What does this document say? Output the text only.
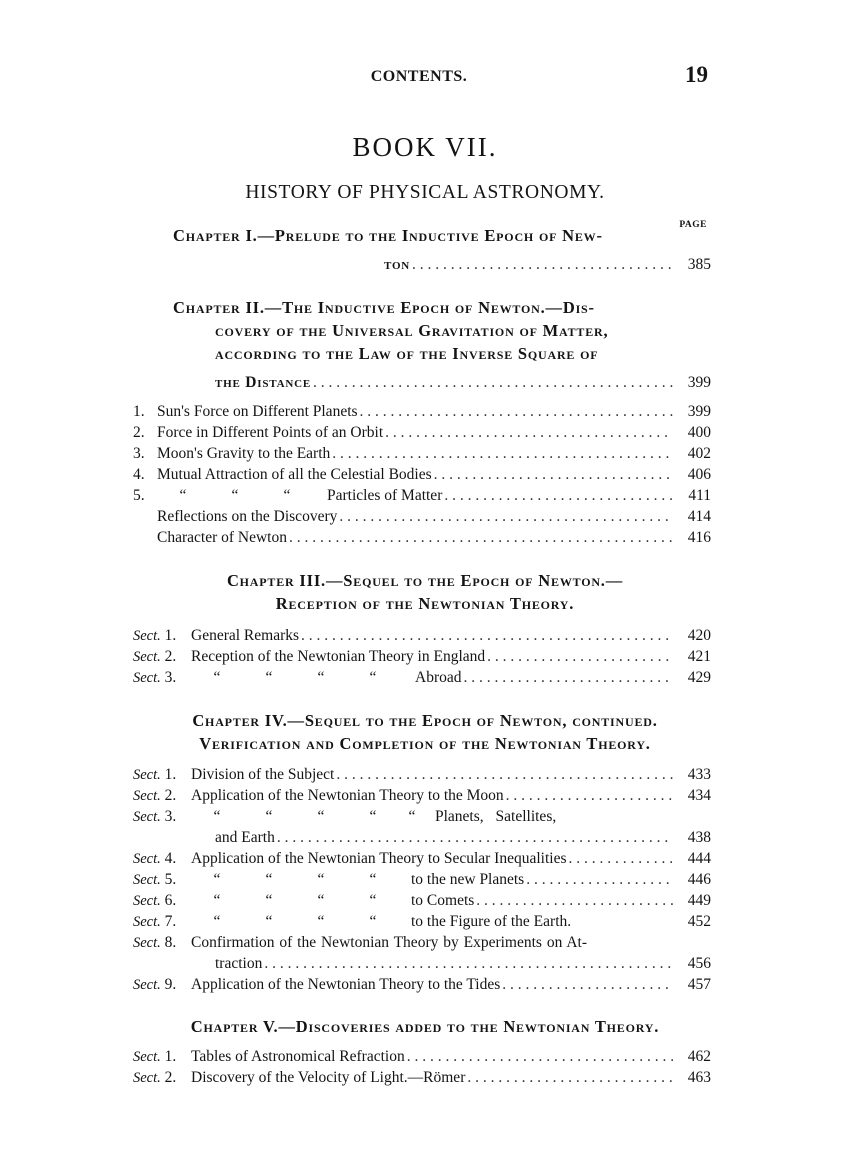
CONTENTS.	19
BOOK VII.
HISTORY OF PHYSICAL ASTRONOMY.
PAGE
Chapter I.—Prelude to the Inductive Epoch of New-
ton . . .	385
Chapter II.—The Inductive Epoch of Newton.—Dis-
covery of the Universal Gravitation of Matter,
according to the Law of the Inverse Square of
the Distance . . .	399
1. Sun's Force on Different Planets . . .	399
2. Force in Different Points of an Orbit . . .	400
3. Moon's Gravity to the Earth . . .	402
4. Mutual Attraction of all the Celestial Bodies . . .	406
5.	“	“	“	Particles of Matter . . .	411
Reflections on the Discovery . . .	414
Character of Newton . . .	416
Chapter III.—Sequel to the Epoch of Newton.—
Reception of the Newtonian Theory.
Sect. 1. General Remarks . . .	420
Sect. 2. Reception of the Newtonian Theory in England . . .	421
Sect. 3.	“	“	“	“	Abroad . . .	429
Chapter IV.—Sequel to the Epoch of Newton, continued.
Verification and Completion of the Newtonian Theory.
Sect. 1. Division of the Subject . . .	433
Sect. 2. Application of the Newtonian Theory to the Moon . . .	434
Sect. 3.	“	“	“	“ “	Planets, Satellites,
and Earth . . .	438
Sect. 4. Application of the Newtonian Theory to Secular Inequalities . . .	444
Sect. 5.	“	“	“	“	to the new Planets . . .	446
Sect. 6.	“	“	“	“	to Comets . . .	449
Sect. 7.	“	“	“	“	to the Figure of the Earth.	452
Sect. 8. Confirmation of the Newtonian Theory by Experiments on At-
traction . . .	456
Sect. 9. Application of the Newtonian Theory to the Tides . . .	457
Chapter V.—Discoveries added to the Newtonian Theory.
Sect. 1. Tables of Astronomical Refraction . . .	462
Sect. 2. Discovery of the Velocity of Light.—Römer . . .	463
